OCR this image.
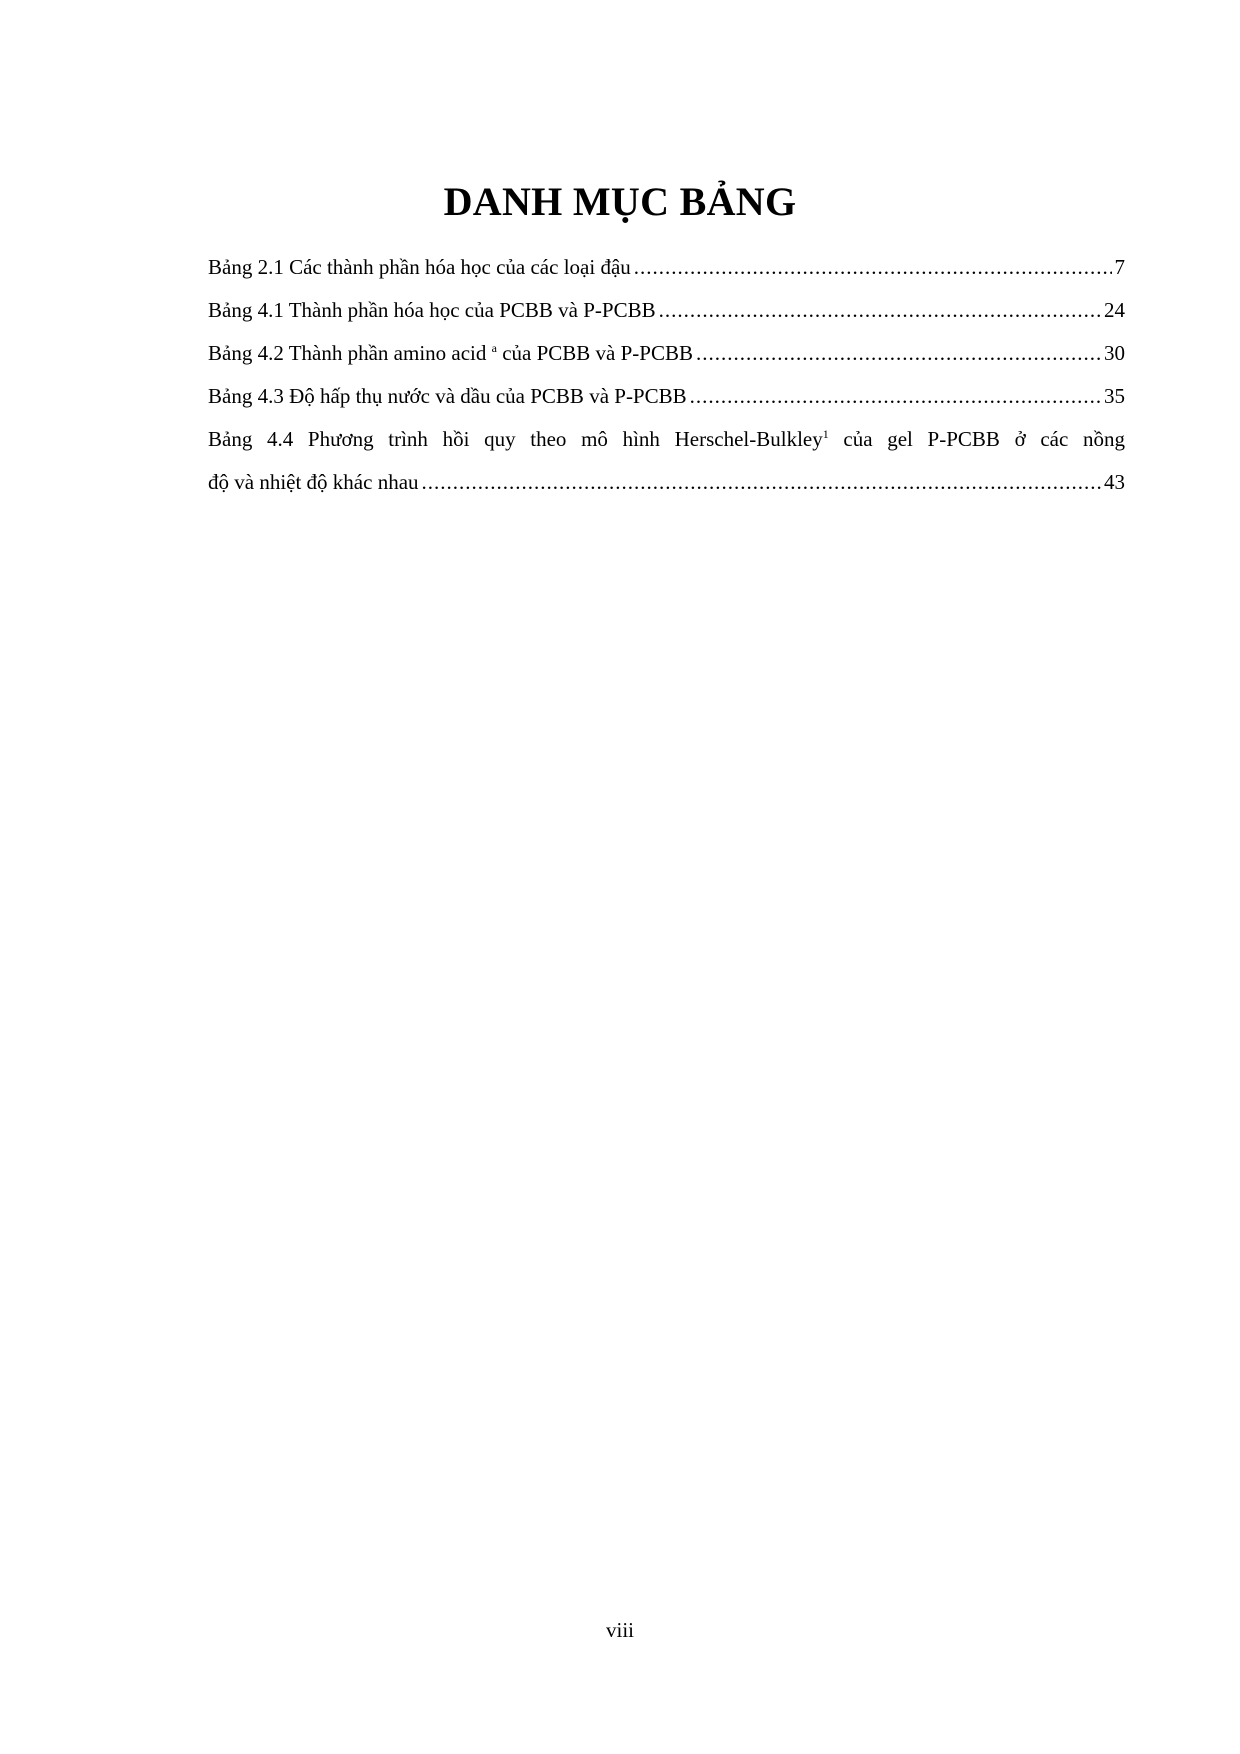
DANH MỤC BẢNG
Bảng 2.1 Các thành phần hóa học của các loại đậu .....	7
Bảng 4.1 Thành phần hóa học của PCBB và P-PCBB .....	24
Bảng 4.2 Thành phần amino acid $^a$ của PCBB và P-PCBB .....	30
Bảng 4.3 Độ hấp thụ nước và dầu của PCBB và P-PCBB .....	35
Bảng 4.4 Phương trình hồi quy theo mô hình Herschel-Bulkley$^1$ của gel P-PCBB ở các nồng
độ và nhiệt độ khác nhau .....	43
viii
